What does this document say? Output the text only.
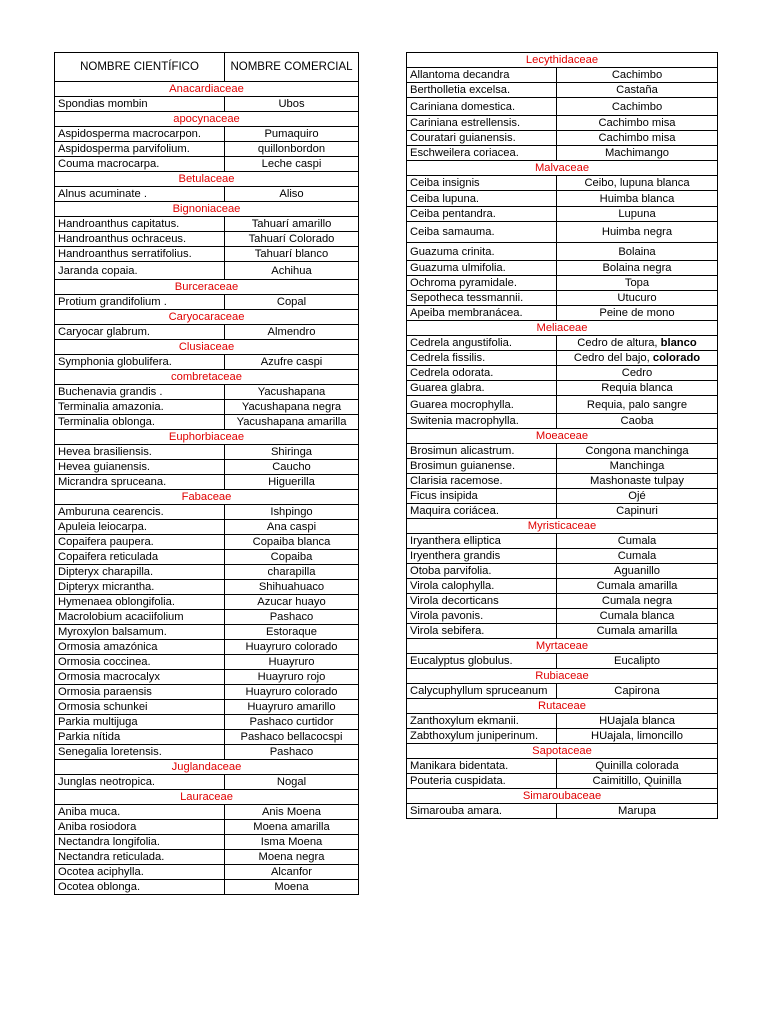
NOMBRE CIENTÍFICO	NOMBRE COMERCIAL
Anacardiaceae	
Spondias mombin	Ubos
apocynaceae	
Aspidosperma macrocarpon.	Pumaquiro
Aspidosperma parvifolium.	quillonbordon
Couma macrocarpa.	Leche caspi
Betulaceae	
Alnus acuminate .	Aliso
Bignoniaceae	
Handroanthus capitatus.	Tahuarí amarillo
Handroanthus ochraceus.	Tahuarí Colorado
Handroanthus serratifolius.	Tahuarí blanco
Jaranda copaia.	Achihua
Burceraceae	
Protium grandifolium .	Copal
Caryocaraceae	
Caryocar glabrum.	Almendro
Clusiaceae	
Symphonia globulifera.	Azufre caspi
combretaceae	
Buchenavia grandis .	Yacushapana
Terminalia amazonia.	Yacushapana negra
Terminalia oblonga.	Yacushapana amarilla
Euphorbiaceae	
Hevea brasiliensis.	Shiringa
Hevea guianensis.	Caucho
Micrandra spruceana.	Higuerilla
Fabaceae	
Amburuna cearencis.	Ishpingo
Apuleia leiocarpa.	Ana caspi
Copaifera paupera.	Copaiba blanca
Copaifera reticulada	Copaiba
Dipteryx charapilla.	charapilla
Dipteryx micrantha.	Shihuahuaco
Hymenaea oblongifolia.	Azucar huayo
Macrolobium acaciifolium	Pashaco
Myroxylon balsamum.	Estoraque
Ormosia amazónica	Huayruro colorado
Ormosia coccinea.	Huayruro
Ormosia macrocalyx	Huayruro rojo
Ormosia paraensis	Huayruro colorado
Ormosia schunkei	Huayruro amarillo
Parkia multijuga	Pashaco curtidor
Parkia nítida	Pashaco bellacocspi
Senegalia loretensis.	Pashaco
Juglandaceae	
Junglas neotropica.	Nogal
Lauraceae	
Aniba muca.	Anis Moena
Aniba rosiodora	Moena amarilla
Nectandra longifolia.	Isma Moena
Nectandra reticulada.	Moena negra
Ocotea aciphylla.	Alcanfor
Ocotea oblonga.	Moena
Lecythidaceae	
Allantoma decandra	Cachimbo
Bertholletia excelsa.	Castaña
Cariniana domestica.	Cachimbo
Cariniana estrellensis.	Cachimbo misa
Couratari guianensis.	Cachimbo misa
Eschweilera coriacea.	Machimango
Malvaceae	
Ceiba insignis	Ceibo, lupuna blanca
Ceiba lupuna.	Huimba blanca
Ceiba pentandra.	Lupuna
Ceiba samauma.	Huimba negra
Guazuma crinita.	Bolaina
Guazuma ulmifolia.	Bolaina negra
Ochroma pyramidale.	Topa
Sepotheca tessmannii.	Utucuro
Apeiba membranácea.	Peine de mono
Meliaceae	
Cedrela angustifolia.	Cedro de altura, blanco
Cedrela fissilis.	Cedro del bajo, colorado
Cedrela odorata.	Cedro
Guarea glabra.	Requia blanca
Guarea mocrophylla.	Requia, palo sangre
Switenia macrophylla.	Caoba
Moeaceae	
Brosimun alicastrum.	Congona manchinga
Brosimun guianense.	Manchinga
Clarisia racemose.	Mashonaste tulpay
Ficus insipida	Ojé
Maquira coriácea.	Capinuri
Myristicaceae	
Iryanthera elliptica	Cumala
Iryenthera grandis	Cumala
Otoba parvifolia.	Aguanillo
Virola calophylla.	Cumala amarilla
Virola decorticans	Cumala negra
Virola pavonis.	Cumala blanca
Virola sebifera.	Cumala amarilla
Myrtaceae	
Eucalyptus globulus.	Eucalipto
Rubiaceae	
Calycuphyllum spruceanum	Capirona
Rutaceae	
Zanthoxylum ekmanii.	HUajala blanca
Zabthoxylum juniperinum.	HUajala, limoncillo
Sapotaceae	
Manikara bidentata.	Quinilla colorada
Pouteria cuspidata.	Caimitillo, Quinilla
Simaroubaceae	
Simarouba amara.	Marupa
